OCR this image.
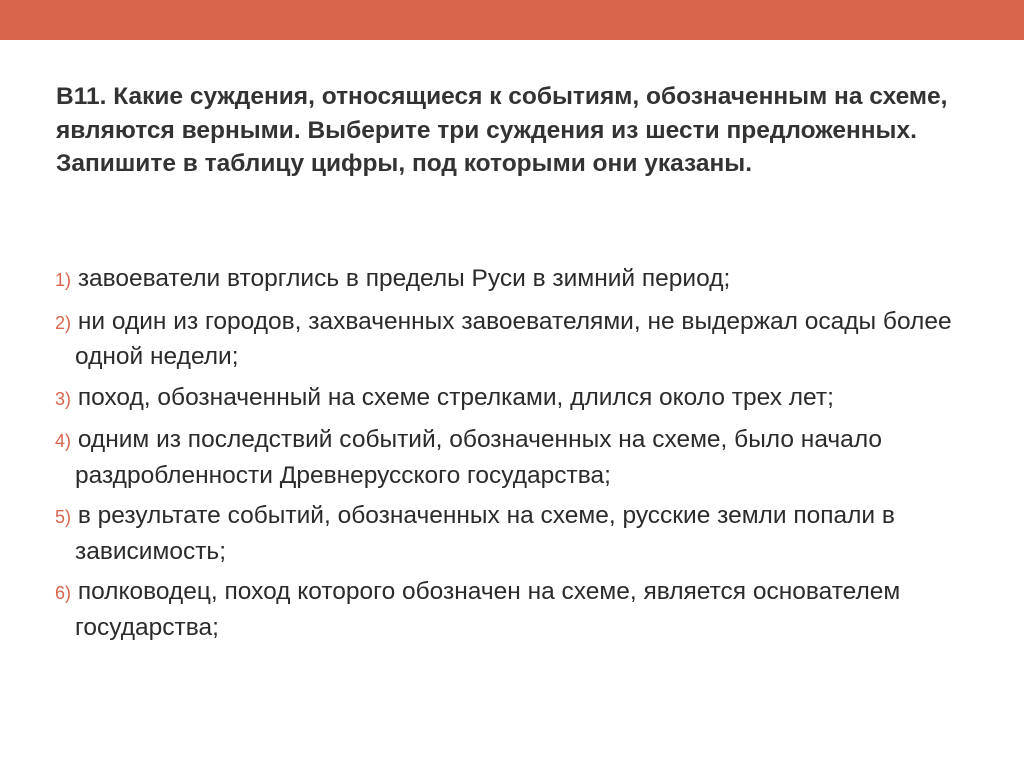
В11. Какие суждения, относящиеся к событиям, обозначенным на схеме, являются верными. Выберите три суждения из шести предложенных. Запишите в таблицу цифры, под которыми они указаны.

1) завоеватели вторглись в пределы Руси в зимний период;
2) ни один из городов, захваченных завоевателями, не выдержал осады более одной недели;
3) поход, обозначенный на схеме стрелками, длился около трех лет;
4) одним из последствий событий, обозначенных на схеме, было начало раздробленности Древнерусского государства;
5) в результате событий, обозначенных на схеме, русские земли попали в зависимость;
6) полководец, поход которого обозначен на схеме, является основателем государства;
